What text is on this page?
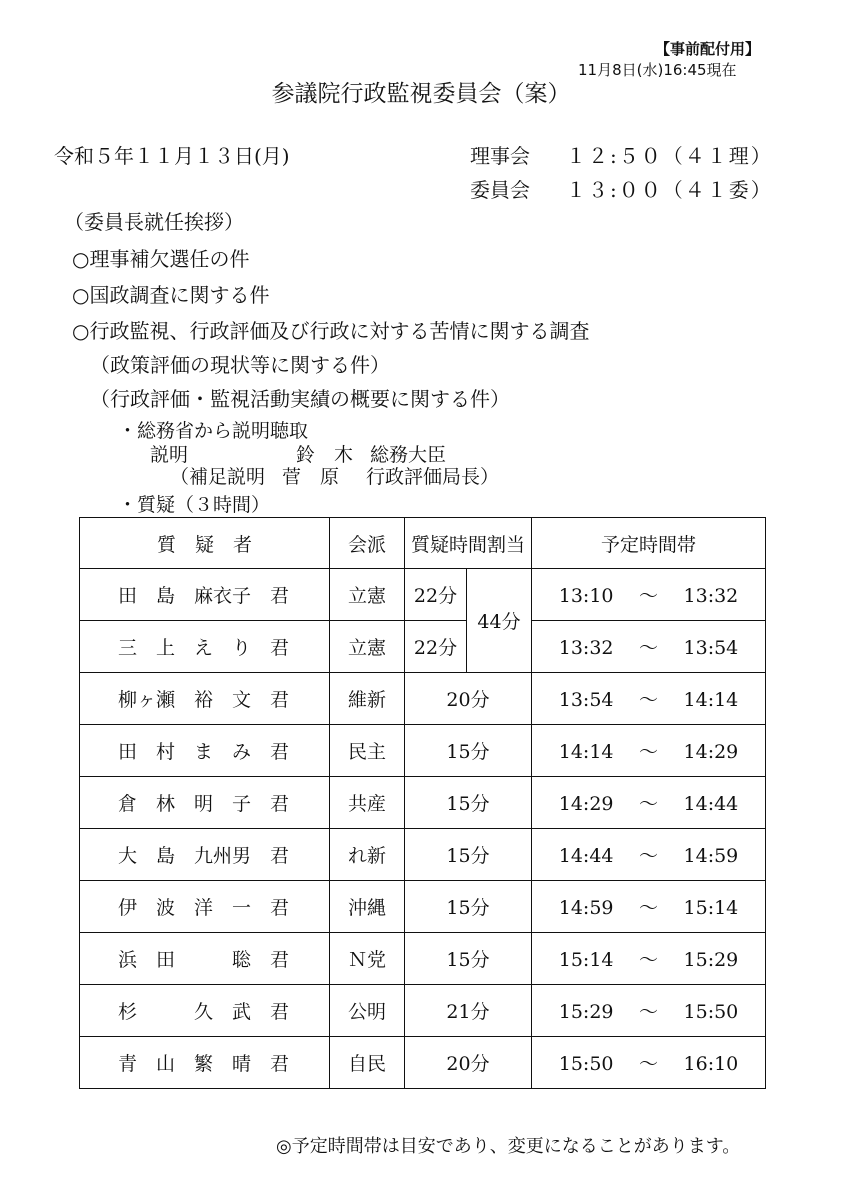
【事前配付用】
11月8日(水)16:45現在
参議院行政監視委員会（案）
令和５年１１月１３日(月)	理事会 １２:５０（４１理）
委員会 １３:００（４１委）
（委員長就任挨拶）
○理事補欠選任の件
○国政調査に関する件
○行政監視、行政評価及び行政に対する苦情に関する調査
（政策評価の現状等に関する件）
（行政評価・監視活動実績の概要に関する件）
・総務省から説明聴取
説明	鈴　木 総務大臣
（補足説明 菅　原 行政評価局長）
・質疑（３時間）
質　疑　者	会派	質疑時間割当		予定時間帯
田　島　麻衣子 君	立憲	22分	44分	13:10 ～ 13:32
三　上　え　り 君	立憲	22分		13:32 ～ 13:54
柳ヶ瀬　裕　文 君	維新	20分		13:54 ～ 14:14
田　村　ま　み 君	民主	15分		14:14 ～ 14:29
倉　林　明　子 君	共産	15分		14:29 ～ 14:44
大　島　九州男 君	れ新	15分		14:44 ～ 14:59
伊　波　洋　一 君	沖縄	15分		14:59 ～ 15:14
浜　田　　　聡 君	Ｎ党	15分		15:14 ～ 15:29
杉　　　久　武 君	公明	21分		15:29 ～ 15:50
青　山　繁　晴 君	自民	20分		15:50 ～ 16:10
◎予定時間帯は目安であり、変更になることがあります。
